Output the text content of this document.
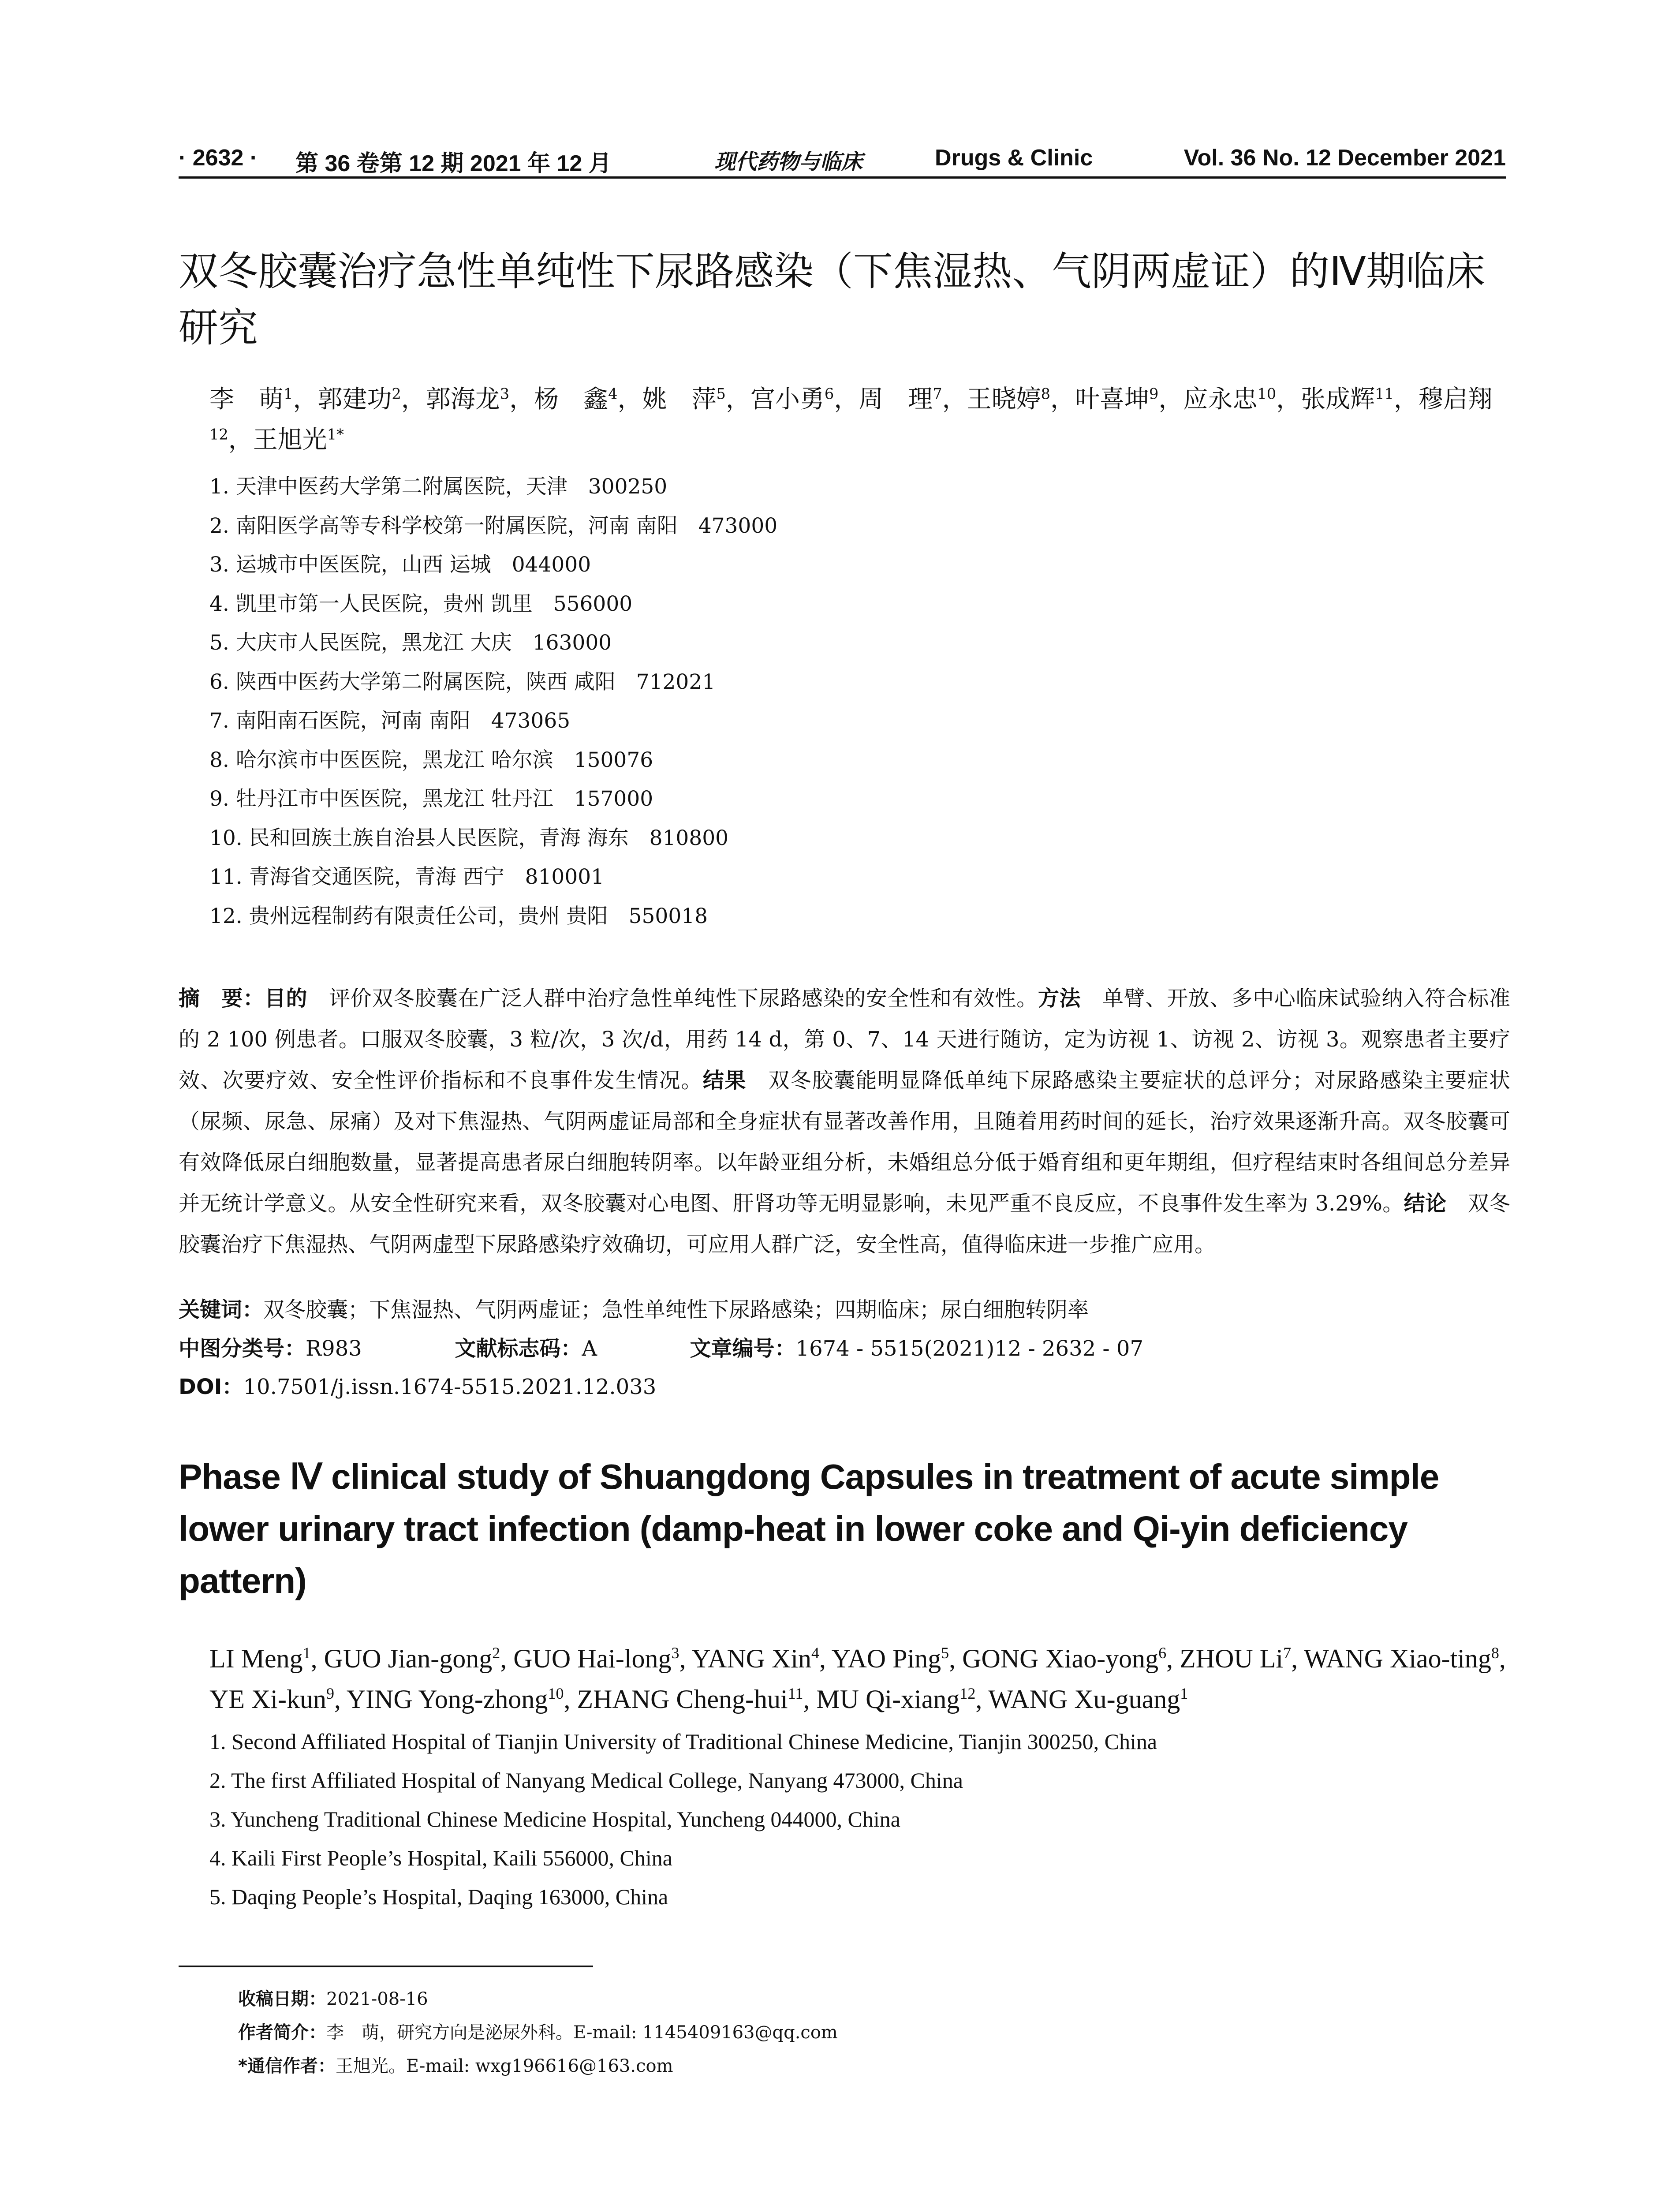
· 2632 · 第 36 卷第 12 期 2021 年 12 月	现代药物与临床	Drugs & Clinic	Vol. 36 No. 12 December 2021
双冬胶囊治疗急性单纯性下尿路感染（下焦湿热、气阴两虚证）的Ⅳ期临床研究
李　萌$^1$，郭建功$^2$，郭海龙$^3$，杨　鑫$^4$，姚　萍$^5$，宫小勇$^6$，周　理$^7$，王晓婷$^8$，叶喜坤$^9$，应永忠$^{10}$，张成辉$^{11}$，穆启翔$^{12}$，王旭光$^{1*}$
1. 天津中医药大学第二附属医院，天津　300250
2. 南阳医学高等专科学校第一附属医院，河南 南阳　473000
3. 运城市中医医院，山西 运城　044000
4. 凯里市第一人民医院，贵州 凯里　556000
5. 大庆市人民医院，黑龙江 大庆　163000
6. 陕西中医药大学第二附属医院，陕西 咸阳　712021
7. 南阳南石医院，河南 南阳　473065
8. 哈尔滨市中医医院，黑龙江 哈尔滨　150076
9. 牡丹江市中医医院，黑龙江 牡丹江　157000
10. 民和回族土族自治县人民医院，青海 海东　810800
11. 青海省交通医院，青海 西宁　810001
12. 贵州远程制药有限责任公司，贵州 贵阳　550018
摘　要：目的　 评价双冬胶囊在广泛人群中治疗急性单纯性下尿路感染的安全性和有效性。方法　 单臂、开放、多中心临床试验纳入符合标准的 2 100 例患者。口服双冬胶囊，3 粒/次，3 次/d，用药 14 d，第 0、7、14 天进行随访，定为访视 1、访视 2、访视 3。观察患者主要疗效、次要疗效、安全性评价指标和不良事件发生情况。结果　 双冬胶囊能明显降低单纯下尿路感染主要症状的总评分；对尿路感染主要症状（尿频、尿急、尿痛）及对下焦湿热、气阴两虚证局部和全身症状有显著改善作用，且随着用药时间的延长，治疗效果逐渐升高。双冬胶囊可有效降低尿白细胞数量，显著提高患者尿白细胞转阴率。以年龄亚组分析，未婚组总分低于婚育组和更年期组，但疗程结束时各组间总分差异并无统计学意义。从安全性研究来看，双冬胶囊对心电图、肝肾功等无明显影响，未见严重不良反应，不良事件发生率为 3.29%。结论　 双冬胶囊治疗下焦湿热、气阴两虚型下尿路感染疗效确切，可应用人群广泛，安全性高，值得临床进一步推广应用。
关键词：双冬胶囊；下焦湿热、气阴两虚证；急性单纯性下尿路感染；四期临床；尿白细胞转阴率
中图分类号：R983	文献标志码：A	文章编号：1674 - 5515(2021)12 - 2632 - 07
DOI：10.7501/j.issn.1674-5515.2021.12.033
Phase Ⅳ clinical study of Shuangdong Capsules in treatment of acute simple lower urinary tract infection (damp-heat in lower coke and Qi-yin deficiency pattern)
LI Meng$^1$, GUO Jian-gong$^2$, GUO Hai-long$^3$, YANG Xin$^4$, YAO Ping$^5$, GONG Xiao-yong$^6$, ZHOU Li$^7$, WANG Xiao-ting$^8$, YE Xi-kun$^9$, YING Yong-zhong$^{10}$, ZHANG Cheng-hui$^{11}$, MU Qi-xiang$^{12}$, WANG Xu-guang$^1$
1. Second Affiliated Hospital of Tianjin University of Traditional Chinese Medicine, Tianjin 300250, China
2. The first Affiliated Hospital of Nanyang Medical College, Nanyang 473000, China
3. Yuncheng Traditional Chinese Medicine Hospital, Yuncheng 044000, China
4. Kaili First People’s Hospital, Kaili 556000, China
5. Daqing People’s Hospital, Daqing 163000, China
收稿日期：2021-08-16
作者简介：李　萌，研究方向是泌尿外科。E-mail: 1145409163@qq.com
*通信作者：王旭光。E-mail: wxg196616@163.com
